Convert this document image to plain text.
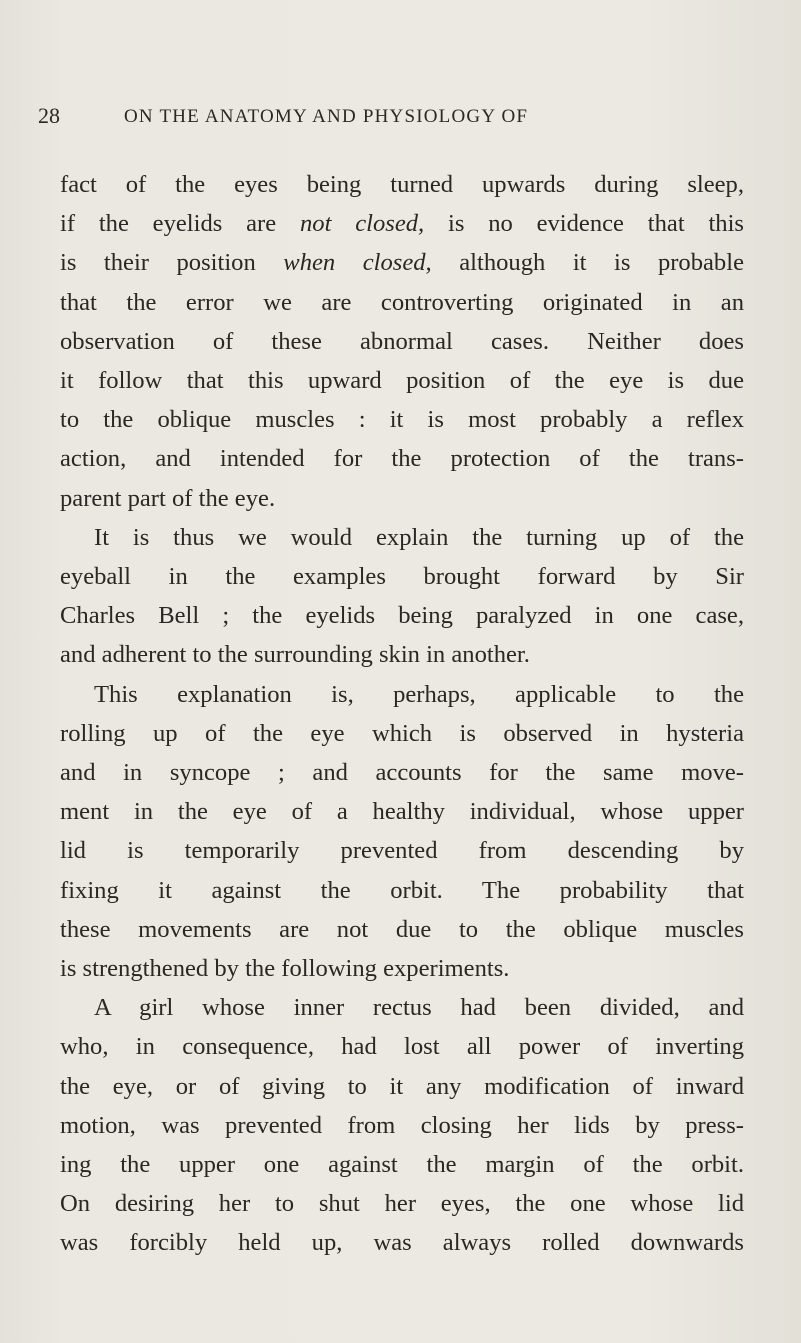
28	ON THE ANATOMY AND PHYSIOLOGY OF
fact of the eyes being turned upwards during sleep,
if the eyelids are not closed, is no evidence that this
is their position when closed, although it is probable
that the error we are controverting originated in an
observation of these abnormal cases. Neither does
it follow that this upward position of the eye is due
to the oblique muscles : it is most probably a reflex
action, and intended for the protection of the trans-
parent part of the eye.
It is thus we would explain the turning up of the
eyeball in the examples brought forward by Sir
Charles Bell ; the eyelids being paralyzed in one case,
and adherent to the surrounding skin in another.
This explanation is, perhaps, applicable to the
rolling up of the eye which is observed in hysteria
and in syncope ; and accounts for the same move-
ment in the eye of a healthy individual, whose upper
lid is temporarily prevented from descending by
fixing it against the orbit. The probability that
these movements are not due to the oblique muscles
is strengthened by the following experiments.
A girl whose inner rectus had been divided, and
who, in consequence, had lost all power of inverting
the eye, or of giving to it any modification of inward
motion, was prevented from closing her lids by press-
ing the upper one against the margin of the orbit.
On desiring her to shut her eyes, the one whose lid
was forcibly held up, was always rolled downwards
